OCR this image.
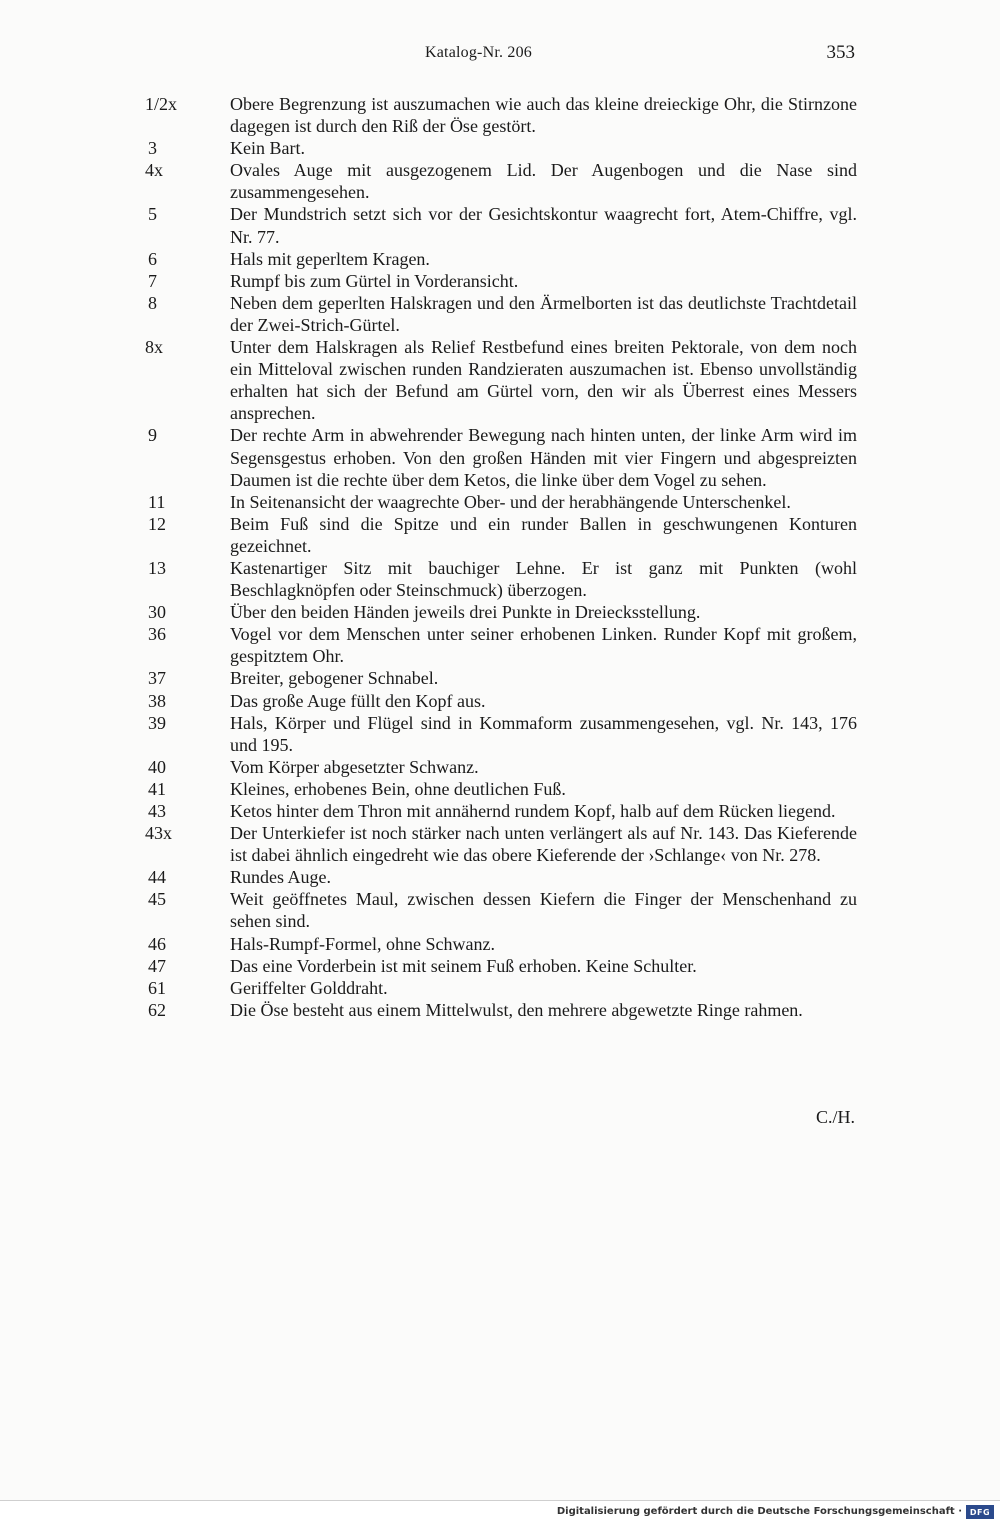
Katalog-Nr. 206	353
1/2x	Obere Begrenzung ist auszumachen wie auch das kleine dreieckige Ohr, die Stirnzone dagegen ist durch den Riß der Öse gestört.
3	Kein Bart.
4x	Ovales Auge mit ausgezogenem Lid. Der Augenbogen und die Nase sind zusammengesehen.
5	Der Mundstrich setzt sich vor der Gesichtskontur waagrecht fort, Atem-Chiffre, vgl. Nr. 77.
6	Hals mit geperltem Kragen.
7	Rumpf bis zum Gürtel in Vorderansicht.
8	Neben dem geperlten Halskragen und den Ärmelborten ist das deutlichste Trachtdetail der Zwei-Strich-Gürtel.
8x	Unter dem Halskragen als Relief Restbefund eines breiten Pektorale, von dem noch ein Mitteloval zwischen runden Randzieraten auszumachen ist. Ebenso unvollständig erhalten hat sich der Befund am Gürtel vorn, den wir als Überrest eines Messers ansprechen.
9	Der rechte Arm in abwehrender Bewegung nach hinten unten, der linke Arm wird im Segensgestus erhoben. Von den großen Händen mit vier Fingern und abgespreizten Daumen ist die rechte über dem Ketos, die linke über dem Vogel zu sehen.
11	In Seitenansicht der waagrechte Ober- und der herabhängende Unterschenkel.
12	Beim Fuß sind die Spitze und ein runder Ballen in geschwungenen Konturen gezeichnet.
13	Kastenartiger Sitz mit bauchiger Lehne. Er ist ganz mit Punkten (wohl Beschlagknöpfen oder Steinschmuck) überzogen.
30	Über den beiden Händen jeweils drei Punkte in Dreiecksstellung.
36	Vogel vor dem Menschen unter seiner erhobenen Linken. Runder Kopf mit großem, gespitztem Ohr.
37	Breiter, gebogener Schnabel.
38	Das große Auge füllt den Kopf aus.
39	Hals, Körper und Flügel sind in Kommaform zusammengesehen, vgl. Nr. 143, 176 und 195.
40	Vom Körper abgesetzter Schwanz.
41	Kleines, erhobenes Bein, ohne deutlichen Fuß.
43	Ketos hinter dem Thron mit annähernd rundem Kopf, halb auf dem Rücken liegend.
43x	Der Unterkiefer ist noch stärker nach unten verlängert als auf Nr. 143. Das Kieferende ist dabei ähnlich eingedreht wie das obere Kieferende der ›Schlange‹ von Nr. 278.
44	Rundes Auge.
45	Weit geöffnetes Maul, zwischen dessen Kiefern die Finger der Menschenhand zu sehen sind.
46	Hals-Rumpf-Formel, ohne Schwanz.
47	Das eine Vorderbein ist mit seinem Fuß erhoben. Keine Schulter.
61	Geriffelter Golddraht.
62	Die Öse besteht aus einem Mittelwulst, den mehrere abgewetzte Ringe rahmen.
C./H.
Digitalisierung gefördert durch die Deutsche Forschungsgemeinschaft · DFG
